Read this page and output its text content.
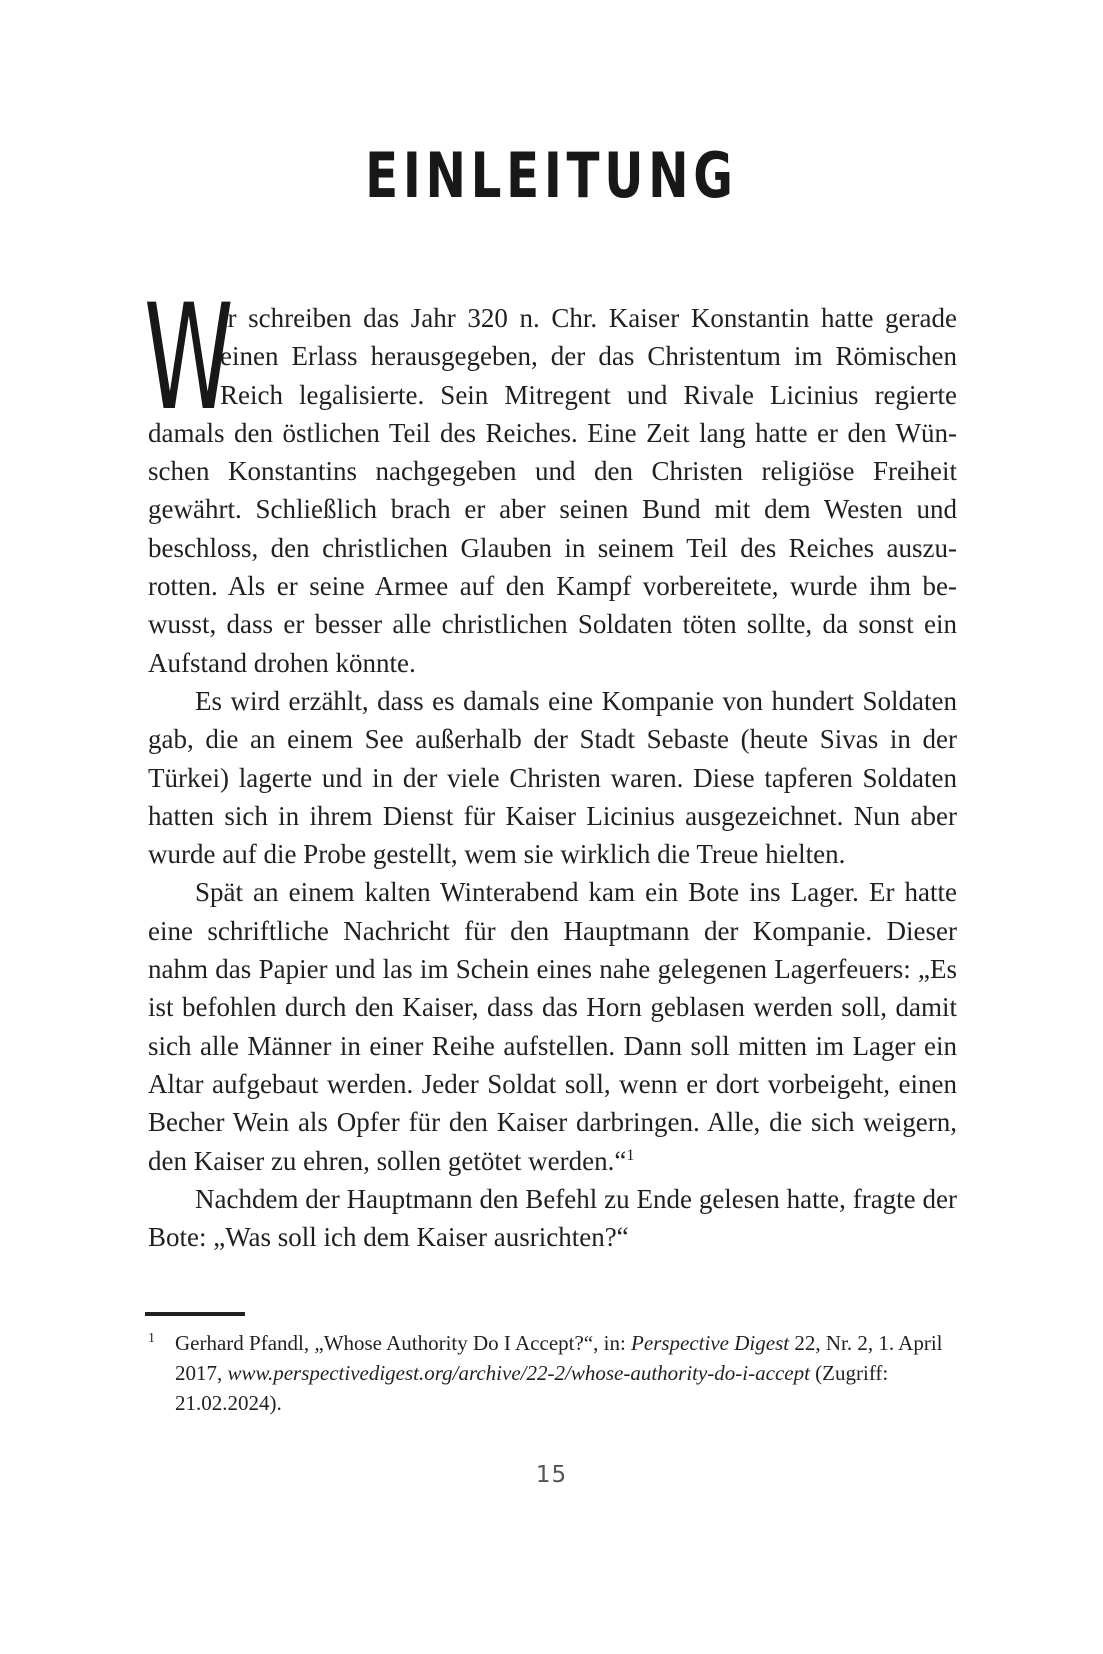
EINLEITUNG

W
ir schreiben das Jahr 320 n. Chr. Kaiser Konstantin hatte gerade einen Erlass herausgegeben, der das Christentum im Römischen Reich legalisierte. Sein Mitregent und Rivale Licinius regierte damals den östlichen Teil des Reiches. Eine Zeit lang hatte er den Wünschen Konstantins nachgegeben und den Christen religiöse Freiheit gewährt. Schließlich brach er aber seinen Bund mit dem Westen und beschloss, den christlichen Glauben in seinem Teil des Reiches auszurotten. Als er seine Armee auf den Kampf vorbereitete, wurde ihm bewusst, dass er besser alle christlichen Soldaten töten sollte, da sonst ein Aufstand drohen könnte.

Es wird erzählt, dass es damals eine Kompanie von hundert Soldaten gab, die an einem See außerhalb der Stadt Sebaste (heute Sivas in der Türkei) lagerte und in der viele Christen waren. Diese tapferen Soldaten hatten sich in ihrem Dienst für Kaiser Licinius ausgezeichnet. Nun aber wurde auf die Probe gestellt, wem sie wirklich die Treue hielten.

Spät an einem kalten Winterabend kam ein Bote ins Lager. Er hatte eine schriftliche Nachricht für den Hauptmann der Kompanie. Dieser nahm das Papier und las im Schein eines nahe gelegenen Lagerfeuers: „Es ist befohlen durch den Kaiser, dass das Horn geblasen werden soll, damit sich alle Männer in einer Reihe aufstellen. Dann soll mitten im Lager ein Altar aufgebaut werden. Jeder Soldat soll, wenn er dort vorbeigeht, einen Becher Wein als Opfer für den Kaiser darbringen. Alle, die sich weigern, den Kaiser zu ehren, sollen getötet werden.“$^1$

Nachdem der Hauptmann den Befehl zu Ende gelesen hatte, fragte der Bote: „Was soll ich dem Kaiser ausrichten?“

1 Gerhard Pfandl, „Whose Authority Do I Accept?“, in: Perspective Digest 22, Nr. 2, 1. April 2017, www.perspectivedigest.org/archive/22-2/whose-authority-do-i-accept (Zugriff: 21.02.2024).
15
